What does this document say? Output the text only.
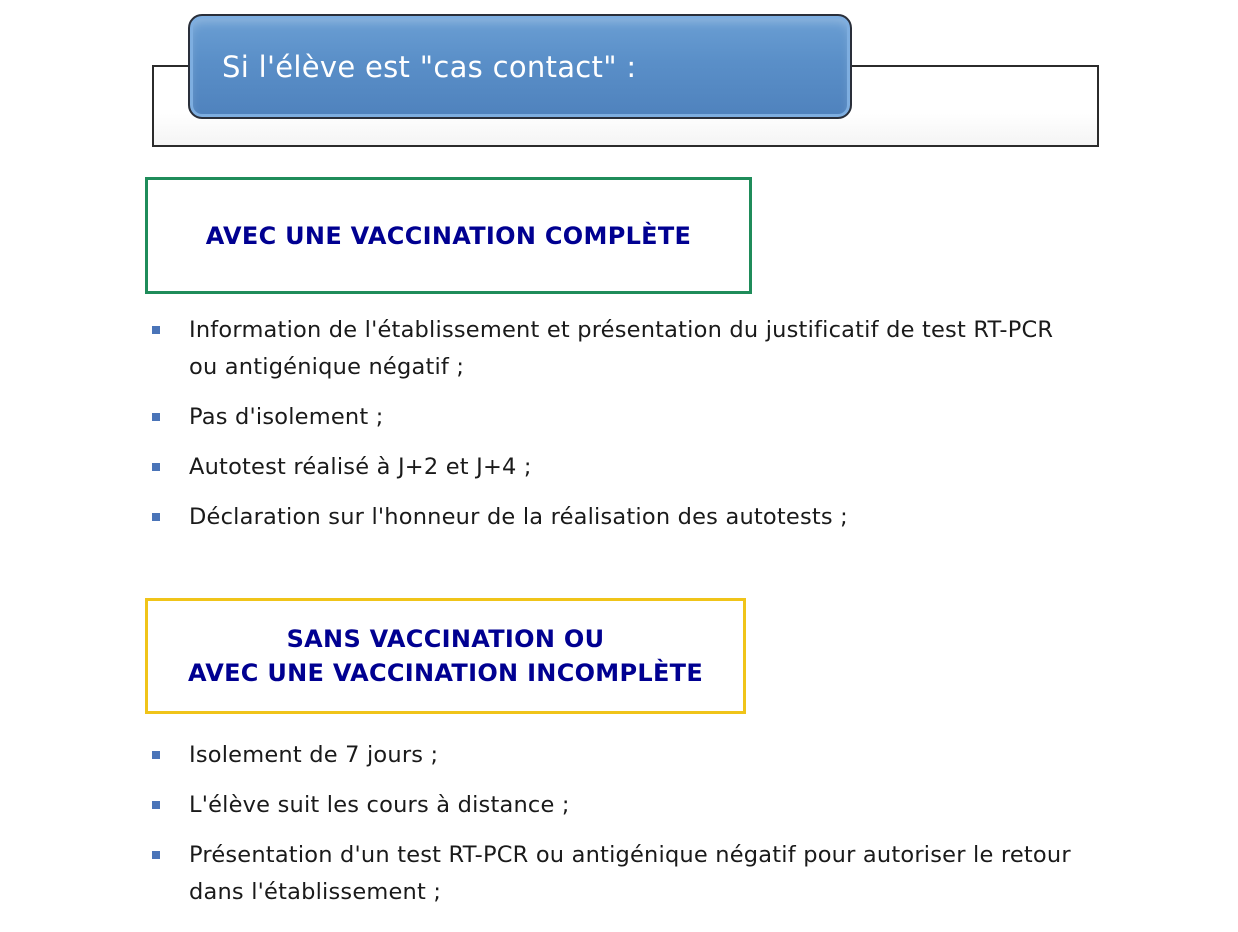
Si l'élève est "cas contact" :
AVEC UNE VACCINATION COMPLÈTE
Information de l'établissement et présentation du justificatif de test RT-PCR ou antigénique négatif ;
Pas d'isolement ;
Autotest réalisé à J+2 et J+4 ;
Déclaration sur l'honneur de la réalisation des autotests ;
SANS VACCINATION OU
AVEC UNE VACCINATION INCOMPLÈTE
Isolement de 7 jours ;
L'élève suit les cours à distance ;
Présentation d'un test RT-PCR ou antigénique négatif pour autoriser le retour dans l'établissement ;
